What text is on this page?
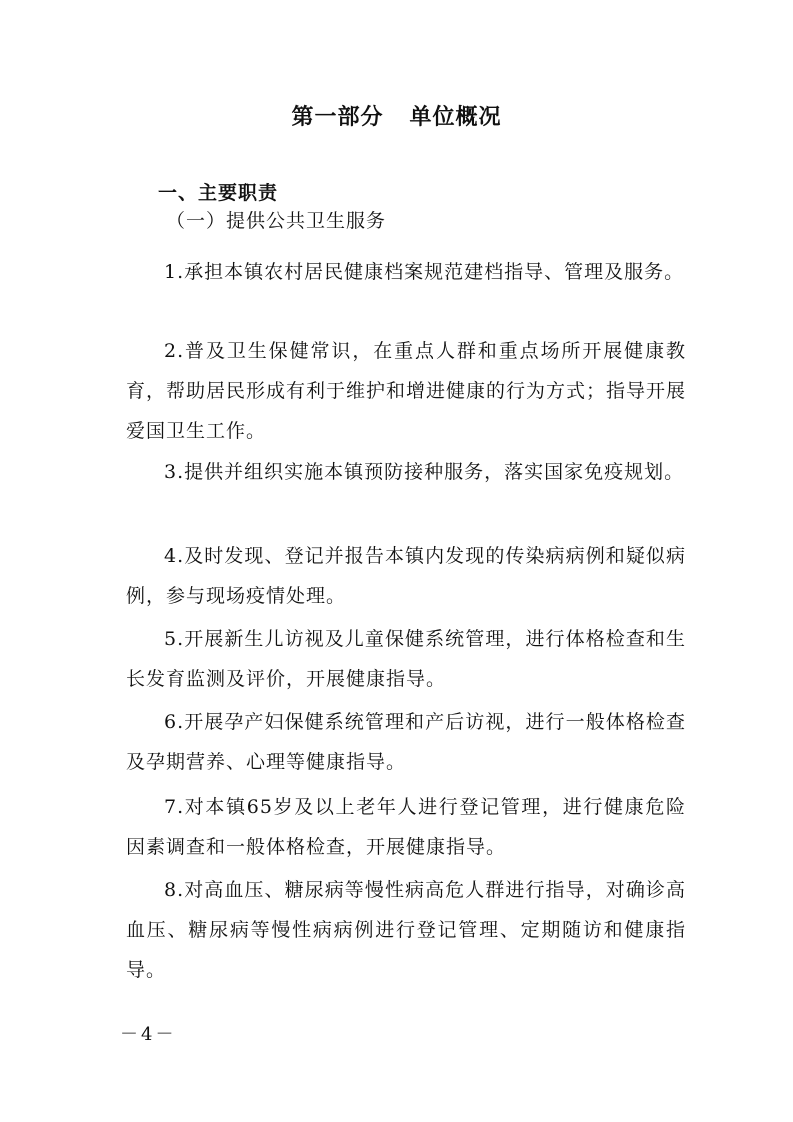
第一部分 单位概况
一、主要职责
（一）提供公共卫生服务

1.承担本镇农村居民健康档案规范建档指导、管理及服务。

2.普及卫生保健常识，在重点人群和重点场所开展健康教育，帮助居民形成有利于维护和增进健康的行为方式；指导开展爱国卫生工作。

3.提供并组织实施本镇预防接种服务，落实国家免疫规划。

4.及时发现、登记并报告本镇内发现的传染病病例和疑似病例，参与现场疫情处理。

5.开展新生儿访视及儿童保健系统管理，进行体格检查和生长发育监测及评价，开展健康指导。

6.开展孕产妇保健系统管理和产后访视，进行一般体格检查及孕期营养、心理等健康指导。

7.对本镇65岁及以上老年人进行登记管理，进行健康危险因素调查和一般体格检查，开展健康指导。

8.对高血压、糖尿病等慢性病高危人群进行指导，对确诊高血压、糖尿病等慢性病病例进行登记管理、定期随访和健康指导。

－4－
